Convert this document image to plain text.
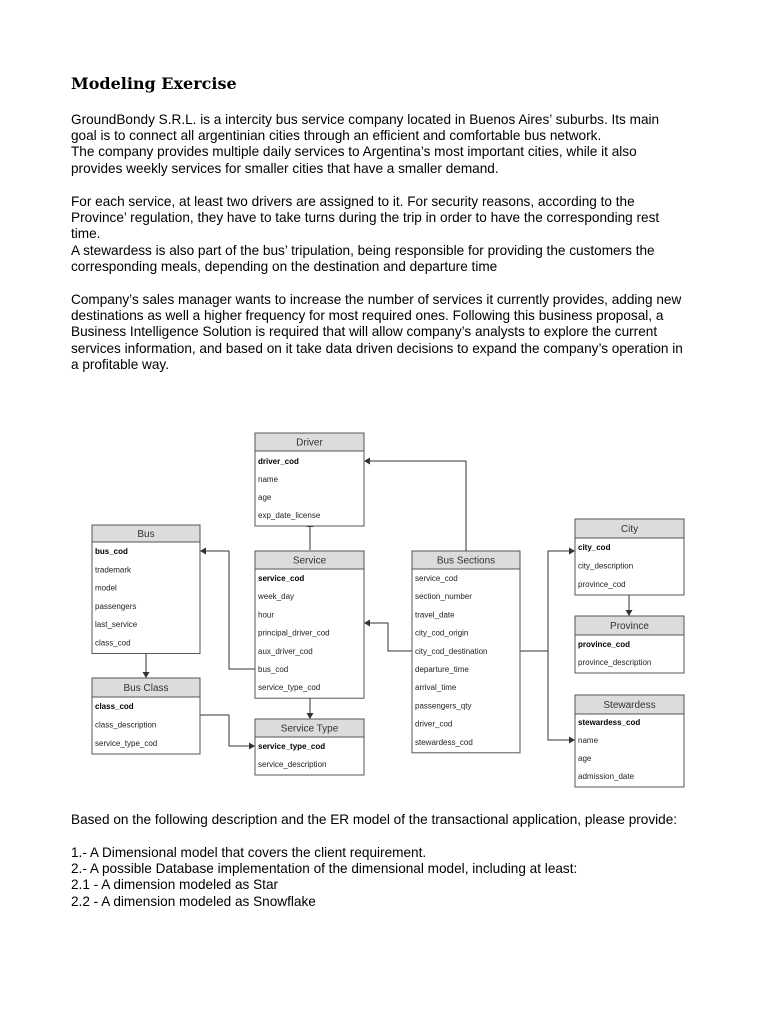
Modeling Exercise

GroundBondy S.R.L. is a intercity bus service company located in Buenos Aires’ suburbs. Its main
goal is to connect all argentinian cities through an efficient and comfortable bus network.
The company provides multiple daily services to Argentina’s most important cities, while it also
provides weekly services for smaller cities that have a smaller demand.

For each service, at least two drivers are assigned to it. For security reasons, according to the
Province’ regulation, they have to take turns during the trip in order to have the corresponding rest
time.
A stewardess is also part of the bus’ tripulation, being responsible for providing the customers the
corresponding meals, depending on the destination and departure time

Company’s sales manager wants to increase the number of services it currently provides, adding new
destinations as well a higher frequency for most required ones. Following this business proposal, a
Business Intelligence Solution is required that will allow company’s analysts to explore the current
services information, and based on it take data driven decisions to expand the company’s operation in
a profitable way.

Driver
driver_cod
name
age
exp_date_license
Bus
bus_cod
trademark
model
passengers
last_service
class_cod
Service
service_cod
week_day
hour
principal_driver_cod
aux_driver_cod
bus_cod
service_type_cod
Bus Sections
service_cod
section_number
travel_date
city_cod_origin
city_cod_destination
departure_time
arrival_time
passengers_qty
driver_cod
stewardess_cod
City
city_cod
city_description
province_cod
Province
province_cod
province_description
Bus Class
class_cod
class_description
service_type_cod
Service Type
service_type_cod
service_description
Stewardess
stewardess_cod
name
age
admission_date

Based on the following description and the ER model of the transactional application, please provide:

1.- A Dimensional model that covers the client requirement.
2.- A possible Database implementation of the dimensional model, including at least:
2.1 - A dimension modeled as Star
2.2 - A dimension modeled as Snowflake
